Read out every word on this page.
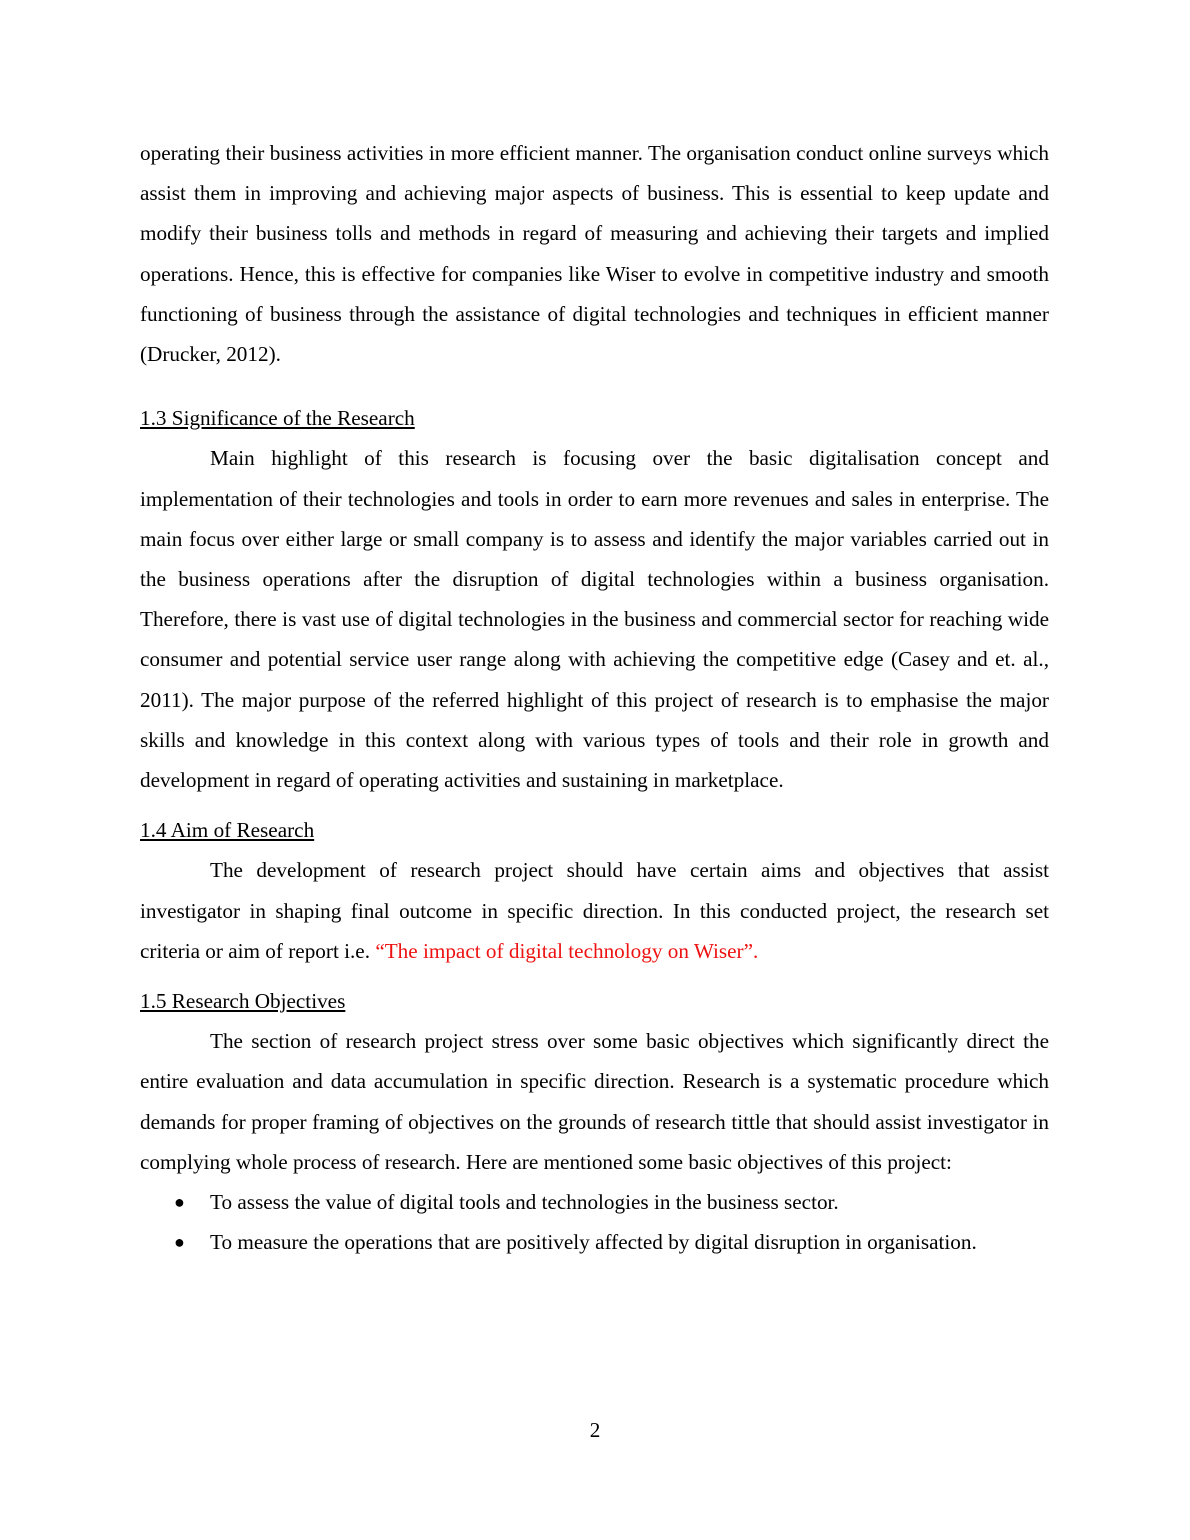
operating their business activities in more efficient manner. The organisation conduct online surveys which assist them in improving and achieving major aspects of business. This is essential to keep update and modify their business tolls and methods in regard of measuring and achieving their targets and implied operations. Hence, this is effective for companies like Wiser to evolve in competitive industry and smooth functioning of business through the assistance of digital technologies and techniques in efficient manner (Drucker, 2012).

1.3 Significance of the Research

Main highlight of this research is focusing over the basic digitalisation concept and implementation of their technologies and tools in order to earn more revenues and sales in enterprise. The main focus over either large or small company is to assess and identify the major variables carried out in the business operations after the disruption of digital technologies within a business organisation. Therefore, there is vast use of digital technologies in the business and commercial sector for reaching wide consumer and potential service user range along with achieving the competitive edge (Casey and et. al., 2011). The major purpose of the referred highlight of this project of research is to emphasise the major skills and knowledge in this context along with various types of tools and their role in growth and development in regard of operating activities and sustaining in marketplace.

1.4 Aim of Research

The development of research project should have certain aims and objectives that assist investigator in shaping final outcome in specific direction. In this conducted project, the research set criteria or aim of report i.e. “The impact of digital technology on Wiser”.

1.5 Research Objectives

The section of research project stress over some basic objectives which significantly direct the entire evaluation and data accumulation in specific direction. Research is a systematic procedure which demands for proper framing of objectives on the grounds of research tittle that should assist investigator in complying whole process of research. Here are mentioned some basic objectives of this project:

● To assess the value of digital tools and technologies in the business sector.
● To measure the operations that are positively affected by digital disruption in organisation.
2
